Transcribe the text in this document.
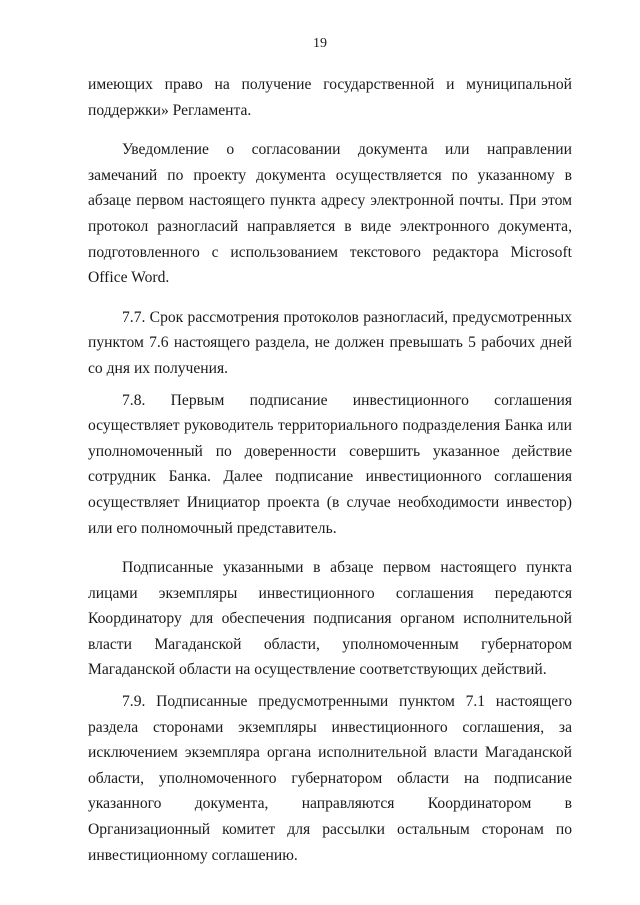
19

имеющих право на получение государственной и муниципальной поддержки» Регламента.

Уведомление о согласовании документа или направлении замечаний по проекту документа осуществляется по указанному в абзаце первом настоящего пункта адресу электронной почты. При этом протокол разногласий направляется в виде электронного документа, подготовленного с использованием текстового редактора Microsoft Office Word.

7.7. Срок рассмотрения протоколов разногласий, предусмотренных пунктом 7.6 настоящего раздела, не должен превышать 5 рабочих дней со дня их получения.

7.8. Первым подписание инвестиционного соглашения осуществляет руководитель территориального подразделения Банка или уполномоченный по доверенности совершить указанное действие сотрудник Банка. Далее подписание инвестиционного соглашения осуществляет Инициатор проекта (в случае необходимости инвестор) или его полномочный представитель.

Подписанные указанными в абзаце первом настоящего пункта лицами экземпляры инвестиционного соглашения передаются Координатору для обеспечения подписания органом исполнительной власти Магаданской области, уполномоченным губернатором Магаданской области на осуществление соответствующих действий.

7.9. Подписанные предусмотренными пунктом 7.1 настоящего раздела сторонами экземпляры инвестиционного соглашения, за исключением экземпляра органа исполнительной власти Магаданской области, уполномоченного губернатором области на подписание указанного документа, направляются Координатором в Организационный комитет для рассылки остальным сторонам по инвестиционному соглашению.
